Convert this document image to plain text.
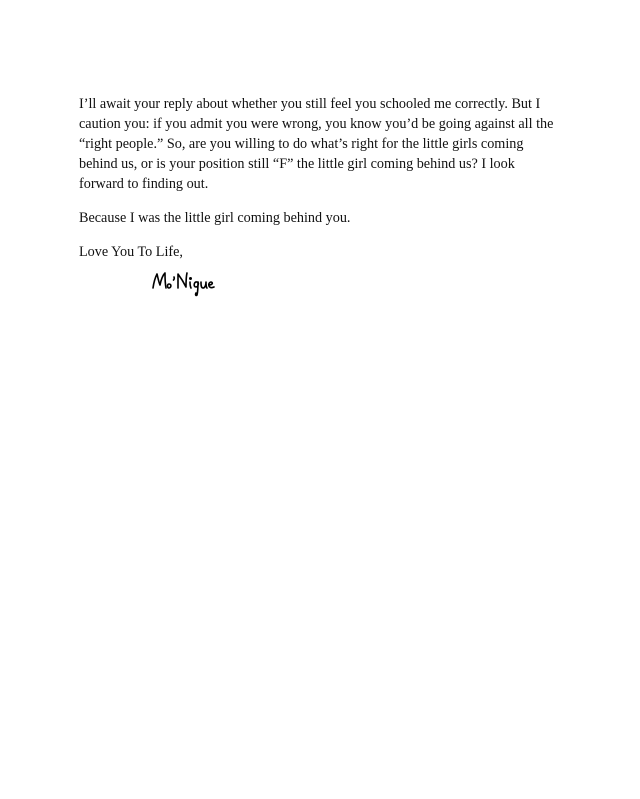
I’ll await your reply about whether you still feel you schooled me correctly. But I caution you: if you admit you were wrong, you know you’d be going against all the “right people.” So, are you willing to do what’s right for the little girls coming behind us, or is your position still “F” the little girl coming behind us? I look forward to finding out.

Because I was the little girl coming behind you.

Love You To Life,
